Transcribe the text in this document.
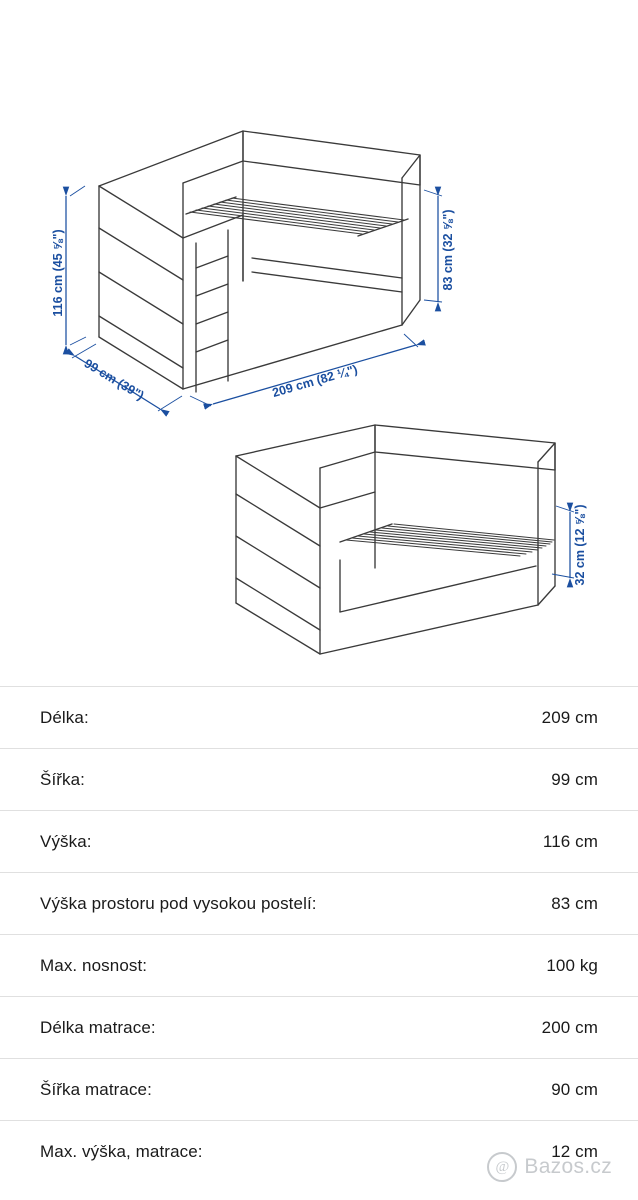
116 cm (45 ⅝")	83 cm (32 ⅝")
99 cm (39")	209 cm (82 ¼")
32 cm (12 ⅝")
Délka:	209 cm
Šířka:	99 cm
Výška:	116 cm
Výška prostoru pod vysokou postelí:	83 cm
Max. nosnost:	100 kg
Délka matrace:	200 cm
Šířka matrace:	90 cm
Max. výška, matrace:	12 cm
@ Bazos.cz
